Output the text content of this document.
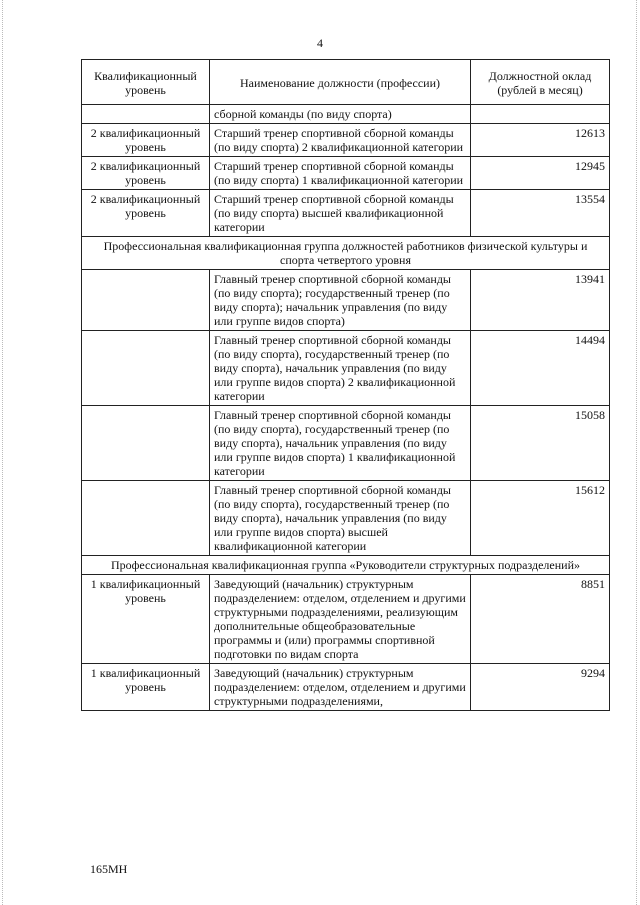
4
Квалификационный уровень	Наименование должности (профессии)	Должностной оклад (рублей в месяц)
	сборной команды (по виду спорта)	
2 квалификационный уровень	Старший тренер спортивной сборной команды (по виду спорта) 2 квалификационной категории	12613
2 квалификационный уровень	Старший тренер спортивной сборной команды (по виду спорта) 1 квалификационной категории	12945
2 квалификационный уровень	Старший тренер спортивной сборной команды (по виду спорта) высшей квалификационной категории	13554
Профессиональная квалификационная группа должностей работников физической культуры и спорта четвертого уровня		
	Главный тренер спортивной сборной команды (по виду спорта); государственный тренер (по виду спорта); начальник управления (по виду или группе видов спорта)	13941
	Главный тренер спортивной сборной команды (по виду спорта), государственный тренер (по виду спорта), начальник управления (по виду или группе видов спорта) 2 квалификационной категории	14494
	Главный тренер спортивной сборной команды (по виду спорта), государственный тренер (по виду спорта), начальник управления (по виду или группе видов спорта) 1 квалификационной категории	15058
	Главный тренер спортивной сборной команды (по виду спорта), государственный тренер (по виду спорта), начальник управления (по виду или группе видов спорта) высшей квалификационной категории	15612
Профессиональная квалификационная группа «Руководители структурных подразделений»		
1 квалификационный уровень	Заведующий (начальник) структурным подразделением: отделом, отделением и другими структурными подразделениями, реализующим дополнительные общеобразовательные программы и (или) программы спортивной подготовки по видам спорта	8851
1 квалификационный уровень	Заведующий (начальник) структурным подразделением: отделом, отделением и другими структурными подразделениями,	9294
165МН
